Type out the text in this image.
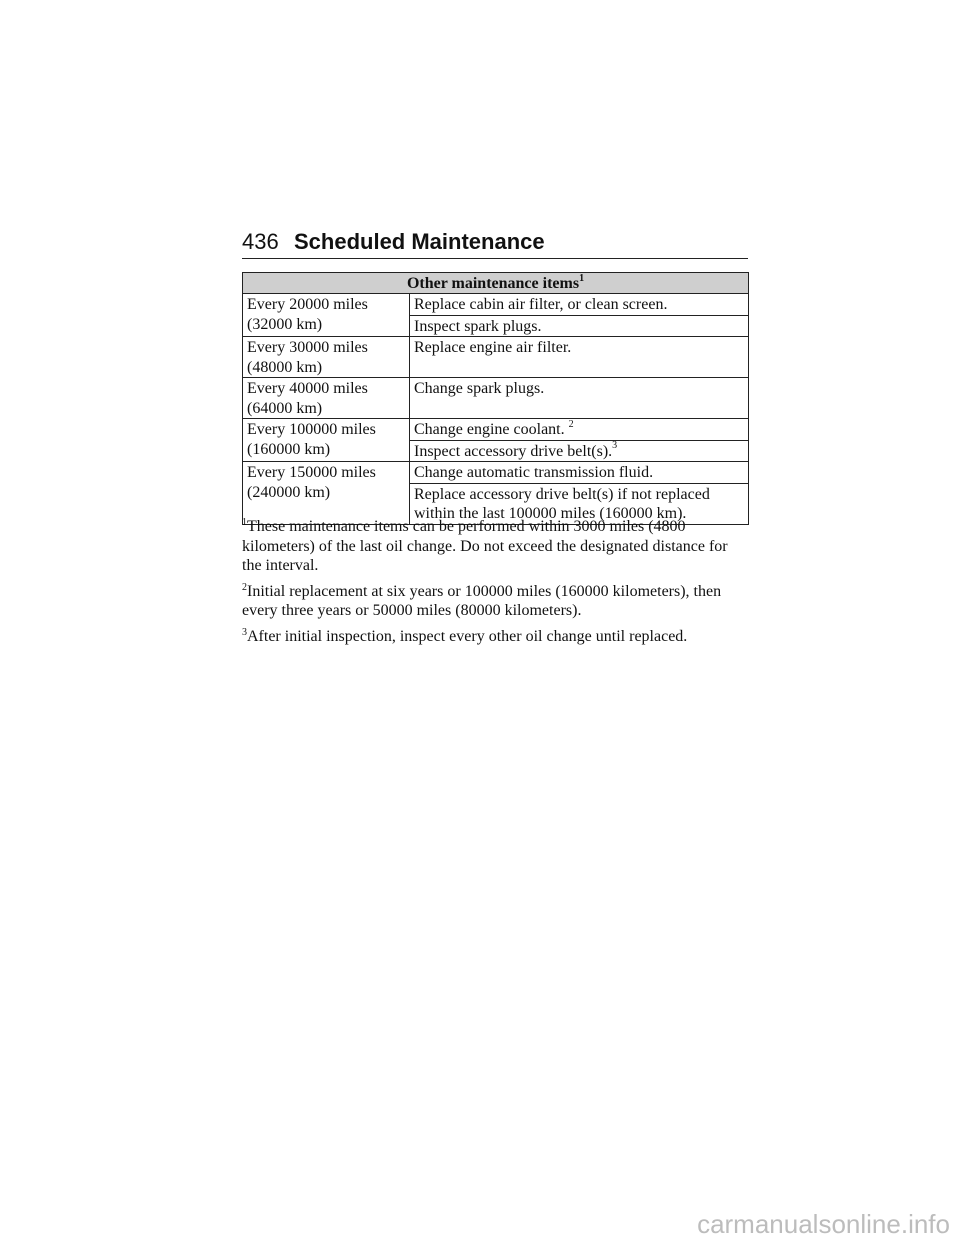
436 Scheduled Maintenance
Other maintenance items$^1$

Every 20000 miles
(32000 km)	Replace cabin air filter, or clean screen.
	Inspect spark plugs.

Every 30000 miles
(48000 km)	Replace engine air filter.

Every 40000 miles
(64000 km)	Change spark plugs.

Every 100000 miles
(160000 km)	Change engine coolant. $^2$
	Inspect accessory drive belt(s).$^3$

Every 150000 miles
(240000 km)	Change automatic transmission fluid.
	Replace accessory drive belt(s) if not replaced within the last 100000 miles (160000 km).

$^1$These maintenance items can be performed within 3000 miles (4800 kilometers) of the last oil change. Do not exceed the designated distance for the interval.

$^2$Initial replacement at six years or 100000 miles (160000 kilometers), then every three years or 50000 miles (80000 kilometers).

$^3$After initial inspection, inspect every other oil change until replaced.

carmanualsonline.info
